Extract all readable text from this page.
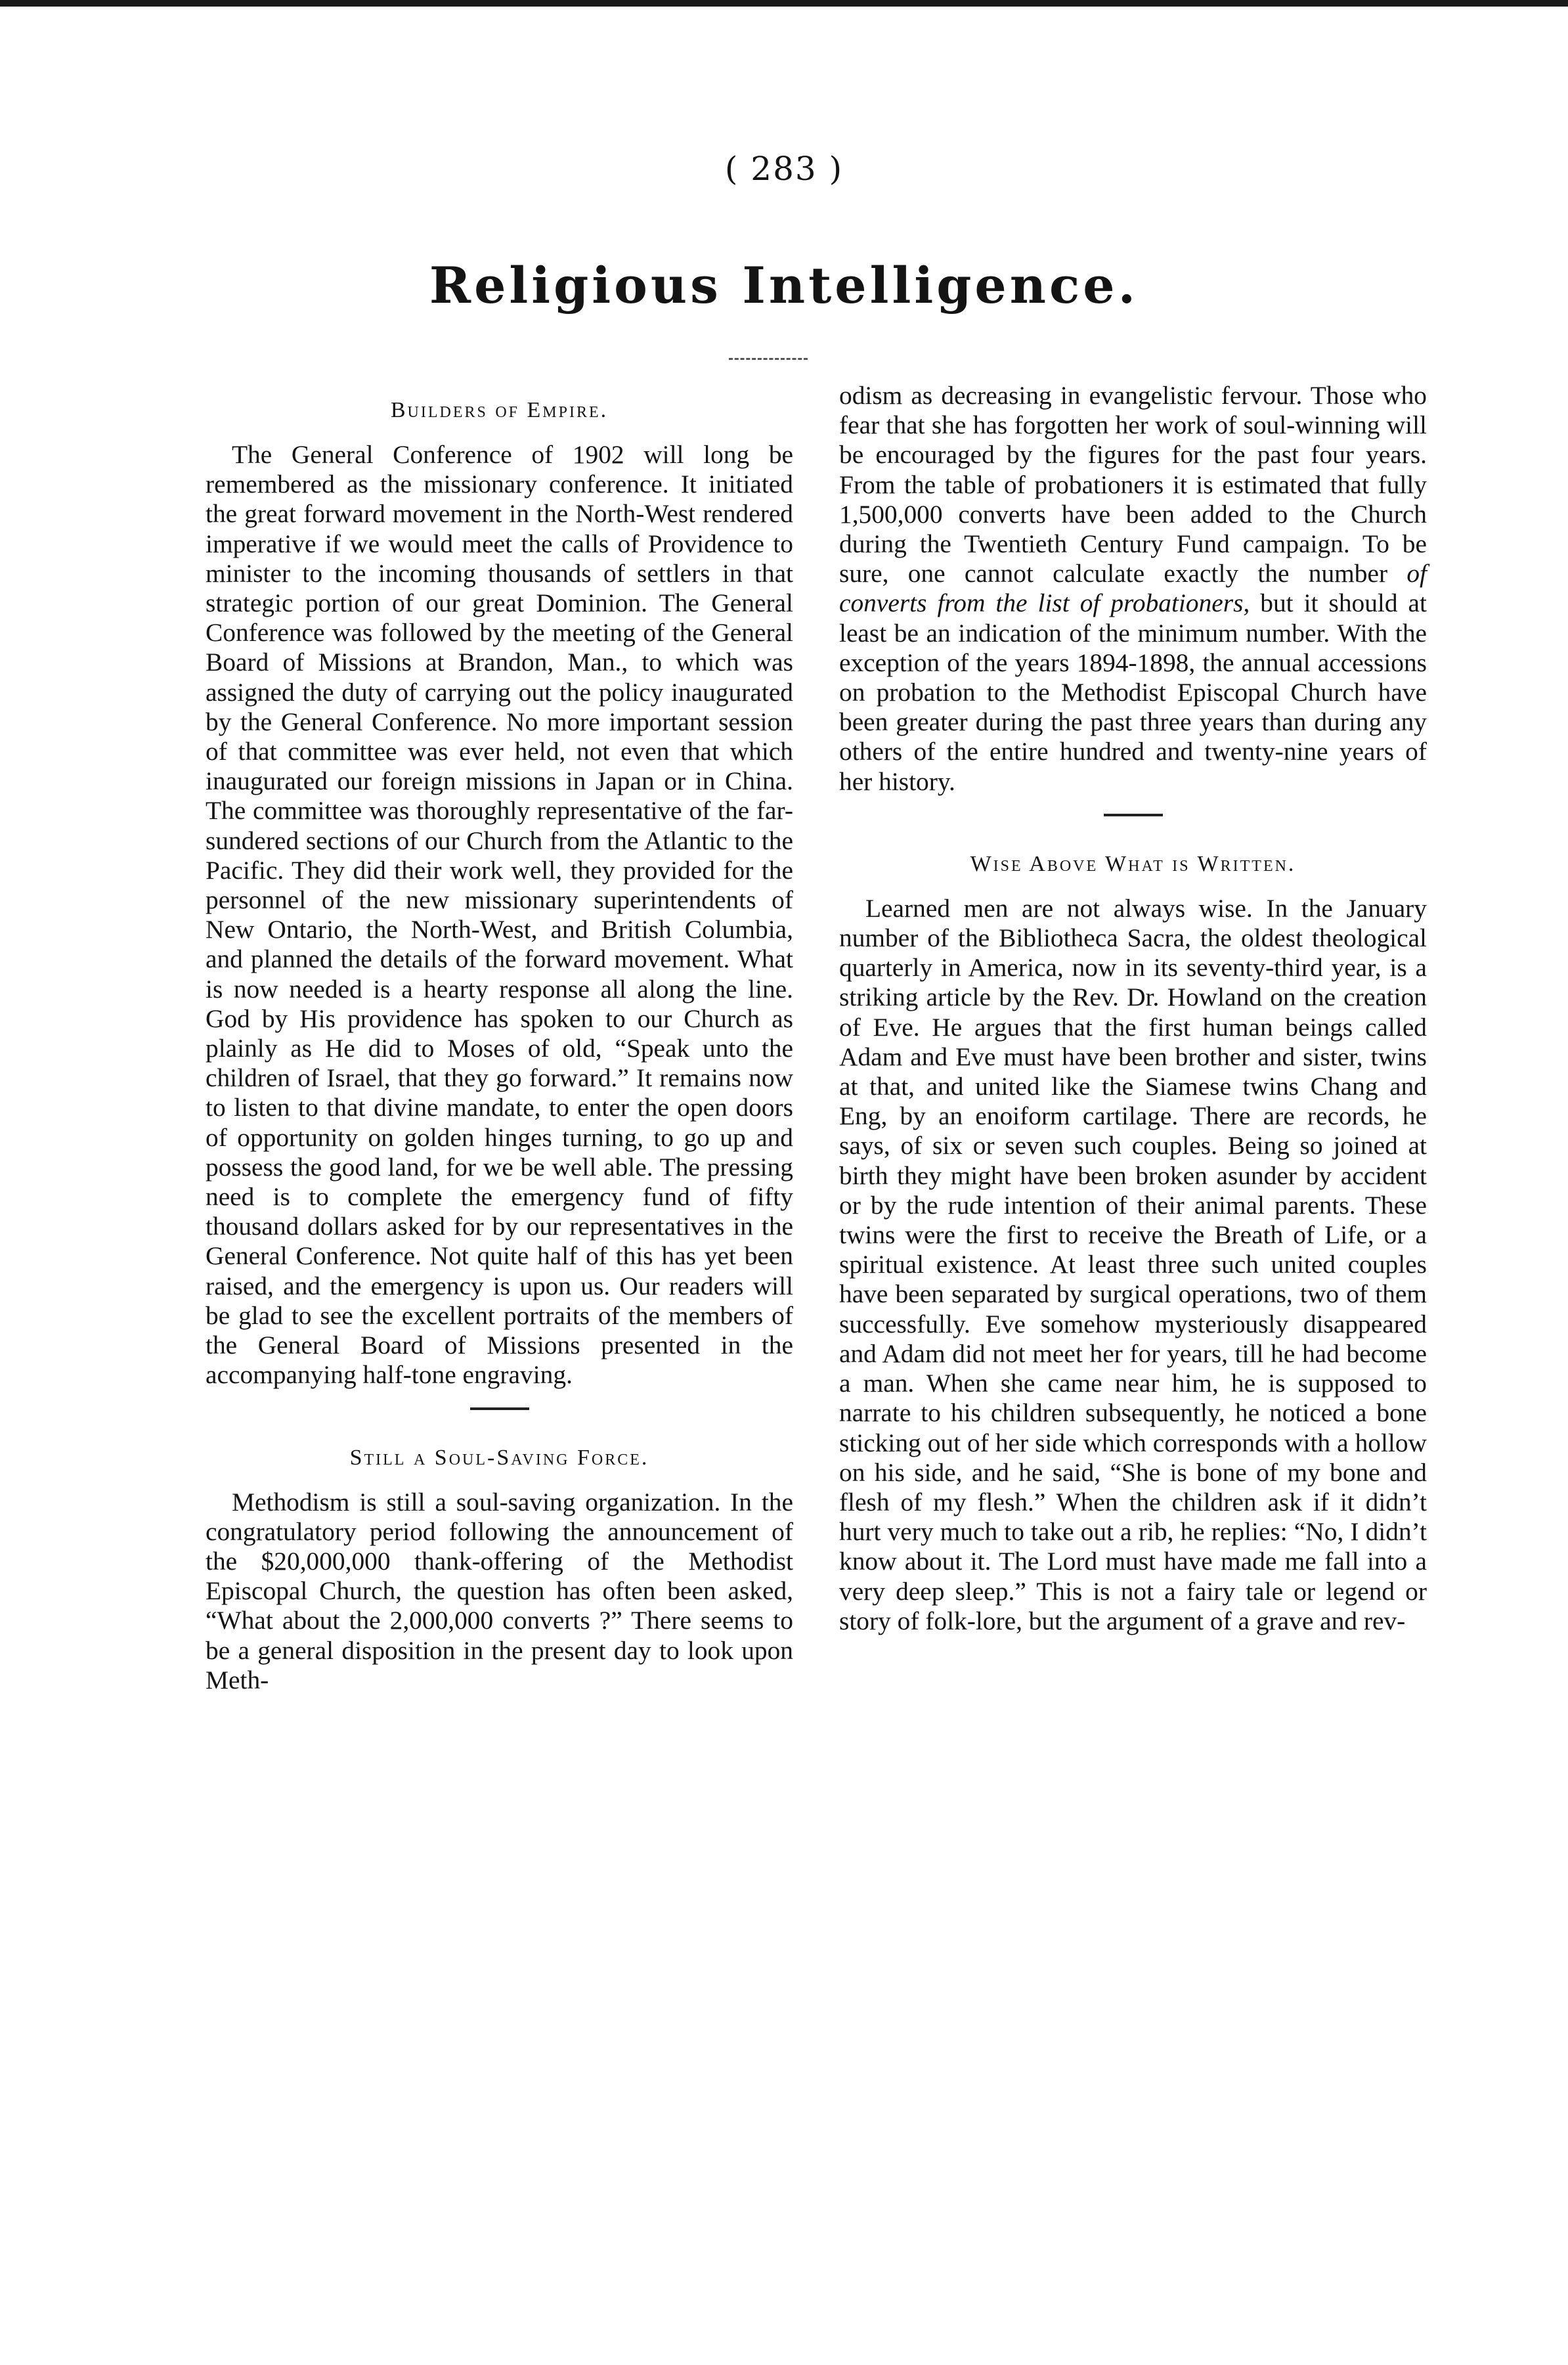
( 283 )
Religious Intelligence.
Builders of Empire.

The General Conference of 1902 will long be remembered as the missionary conference. It initiated the great forward movement in the North-West rendered imperative if we would meet the calls of Providence to minister to the incoming thousands of settlers in that strategic portion of our great Dominion. The General Conference was followed by the meeting of the General Board of Missions at Brandon, Man., to which was assigned the duty of carrying out the policy inaugurated by the General Conference. No more important session of that committee was ever held, not even that which inaugurated our foreign missions in Japan or in China. The committee was thoroughly representative of the far-sundered sections of our Church from the Atlantic to the Pacific. They did their work well, they provided for the personnel of the new missionary superintendents of New Ontario, the North-West, and British Columbia, and planned the details of the forward movement. What is now needed is a hearty response all along the line. God by His providence has spoken to our Church as plainly as He did to Moses of old, “Speak unto the children of Israel, that they go forward.” It remains now to listen to that divine mandate, to enter the open doors of opportunity on golden hinges turning, to go up and possess the good land, for we be well able. The pressing need is to complete the emergency fund of fifty thousand dollars asked for by our representatives in the General Conference. Not quite half of this has yet been raised, and the emergency is upon us. Our readers will be glad to see the excellent portraits of the members of the General Board of Missions presented in the accompanying half-tone engraving.

Still a Soul-Saving Force.

Methodism is still a soul-saving organization. In the congratulatory period following the announcement of the $20,000,000 thank-offering of the Methodist Episcopal Church, the question has often been asked, “What about the 2,000,000 converts ?” There seems to be a general disposition in the present day to look upon Meth-

odism as decreasing in evangelistic fervour. Those who fear that she has forgotten her work of soul-winning will be encouraged by the figures for the past four years. From the table of probationers it is estimated that fully 1,500,000 converts have been added to the Church during the Twentieth Century Fund campaign. To be sure, one cannot calculate exactly the number of converts from the list of probationers, but it should at least be an indication of the minimum number. With the exception of the years 1894-1898, the annual accessions on probation to the Methodist Episcopal Church have been greater during the past three years than during any others of the entire hundred and twenty-nine years of her history.

Wise Above What is Written.

Learned men are not always wise. In the January number of the Bibliotheca Sacra, the oldest theological quarterly in America, now in its seventy-third year, is a striking article by the Rev. Dr. Howland on the creation of Eve. He argues that the first human beings called Adam and Eve must have been brother and sister, twins at that, and united like the Siamese twins Chang and Eng, by an enoiform cartilage. There are records, he says, of six or seven such couples. Being so joined at birth they might have been broken asunder by accident or by the rude intention of their animal parents. These twins were the first to receive the Breath of Life, or a spiritual existence. At least three such united couples have been separated by surgical operations, two of them successfully. Eve somehow mysteriously disappeared and Adam did not meet her for years, till he had become a man. When she came near him, he is supposed to narrate to his children subsequently, he noticed a bone sticking out of her side which corresponds with a hollow on his side, and he said, “She is bone of my bone and flesh of my flesh.” When the children ask if it didn’t hurt very much to take out a rib, he replies: “No, I didn’t know about it. The Lord must have made me fall into a very deep sleep.” This is not a fairy tale or legend or story of folk-lore, but the argument of a grave and rev-
